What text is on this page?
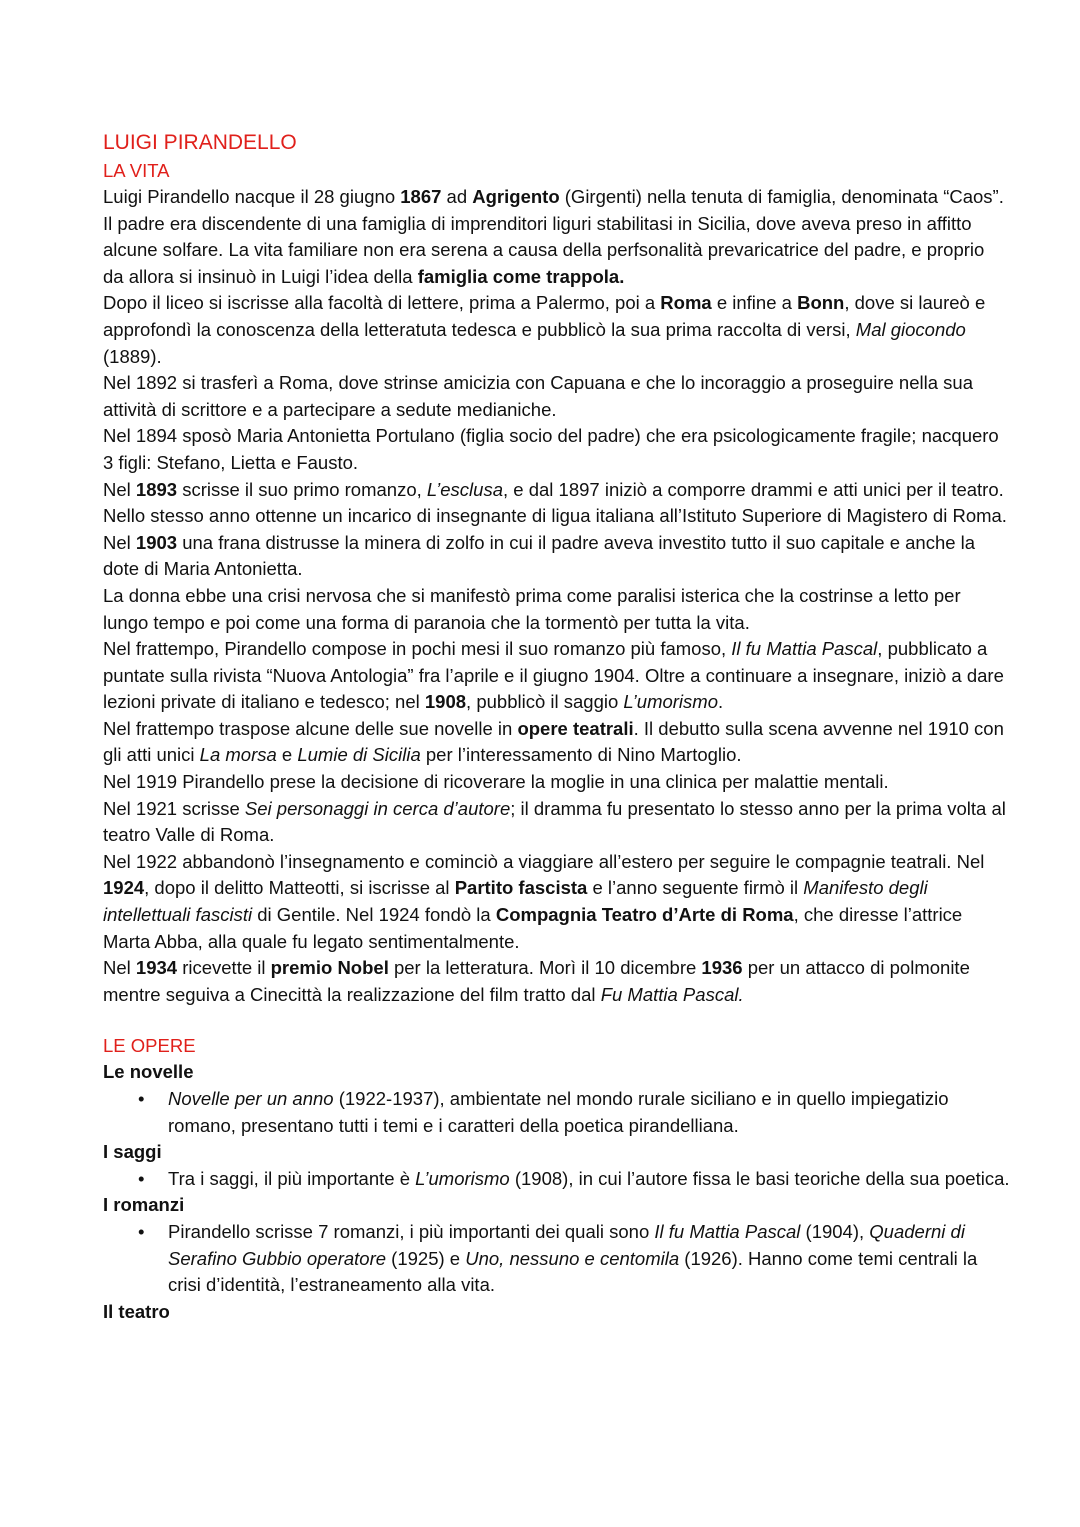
LUIGI PIRANDELLO
LA VITA

Luigi Pirandello nacque il 28 giugno 1867 ad Agrigento (Girgenti) nella tenuta di famiglia, denominata “Caos”. Il padre era discendente di una famiglia di imprenditori liguri stabilitasi in Sicilia, dove aveva preso in affitto alcune solfare. La vita familiare non era serena a causa della perfsonalità prevaricatrice del padre, e proprio da allora si insinuò in Luigi l’idea della famiglia come trappola.

Dopo il liceo si iscrisse alla facoltà di lettere, prima a Palermo, poi a Roma e infine a Bonn, dove si laureò e approfondì la conoscenza della letteratuta tedesca e pubblicò la sua prima raccolta di versi, Mal giocondo (1889).

Nel 1892 si trasferì a Roma, dove strinse amicizia con Capuana e che lo incoraggio a proseguire nella sua attività di scrittore e a partecipare a sedute medianiche.

Nel 1894 sposò Maria Antonietta Portulano (figlia socio del padre) che era psicologicamente fragile; nacquero 3 figli: Stefano, Lietta e Fausto.

Nel 1893 scrisse il suo primo romanzo, L’esclusa, e dal 1897 iniziò a comporre drammi e atti unici per il teatro. Nello stesso anno ottenne un incarico di insegnante di ligua italiana all’Istituto Superiore di Magistero di Roma. Nel 1903 una frana distrusse la minera di zolfo in cui il padre aveva investito tutto il suo capitale e anche la dote di Maria Antonietta.

La donna ebbe una crisi nervosa che si manifestò prima come paralisi isterica che la costrinse a letto per lungo tempo e poi come una forma di paranoia che la tormentò per tutta la vita.

Nel frattempo, Pirandello compose in pochi mesi il suo romanzo più famoso, Il fu Mattia Pascal, pubblicato a puntate sulla rivista “Nuova Antologia” fra l’aprile e il giugno 1904. Oltre a continuare a insegnare, iniziò a dare lezioni private di italiano e tedesco; nel 1908, pubblicò il saggio L’umorismo.

Nel frattempo traspose alcune delle sue novelle in opere teatrali. Il debutto sulla scena avvenne nel 1910 con gli atti unici La morsa e Lumie di Sicilia per l’interessamento di Nino Martoglio.

Nel 1919 Pirandello prese la decisione di ricoverare la moglie in una clinica per malattie mentali.

Nel 1921 scrisse Sei personaggi in cerca d’autore; il dramma fu presentato lo stesso anno per la prima volta al teatro Valle di Roma.

Nel 1922 abbandonò l’insegnamento e cominciò a viaggiare all’estero per seguire le compagnie teatrali. Nel 1924, dopo il delitto Matteotti, si iscrisse al Partito fascista e l’anno seguente firmò il Manifesto degli intellettuali fascisti di Gentile. Nel 1924 fondò la Compagnia Teatro d’Arte di Roma, che diresse l’attrice Marta Abba, alla quale fu legato sentimentalmente.

Nel 1934 ricevette il premio Nobel per la letteratura. Morì il 10 dicembre 1936 per un attacco di polmonite mentre seguiva a Cinecittà la realizzazione del film tratto dal Fu Mattia Pascal.

LE OPERE

Le novelle

• Novelle per un anno (1922-1937), ambientate nel mondo rurale siciliano e in quello impiegatizio romano, presentano tutti i temi e i caratteri della poetica pirandelliana.

I saggi

• Tra i saggi, il più importante è L’umorismo (1908), in cui l’autore fissa le basi teoriche della sua poetica.

I romanzi

• Pirandello scrisse 7 romanzi, i più importanti dei quali sono Il fu Mattia Pascal (1904), Quaderni di Serafino Gubbio operatore (1925) e Uno, nessuno e centomila (1926). Hanno come temi centrali la crisi d’identità, l’estraneamento alla vita.

Il teatro
